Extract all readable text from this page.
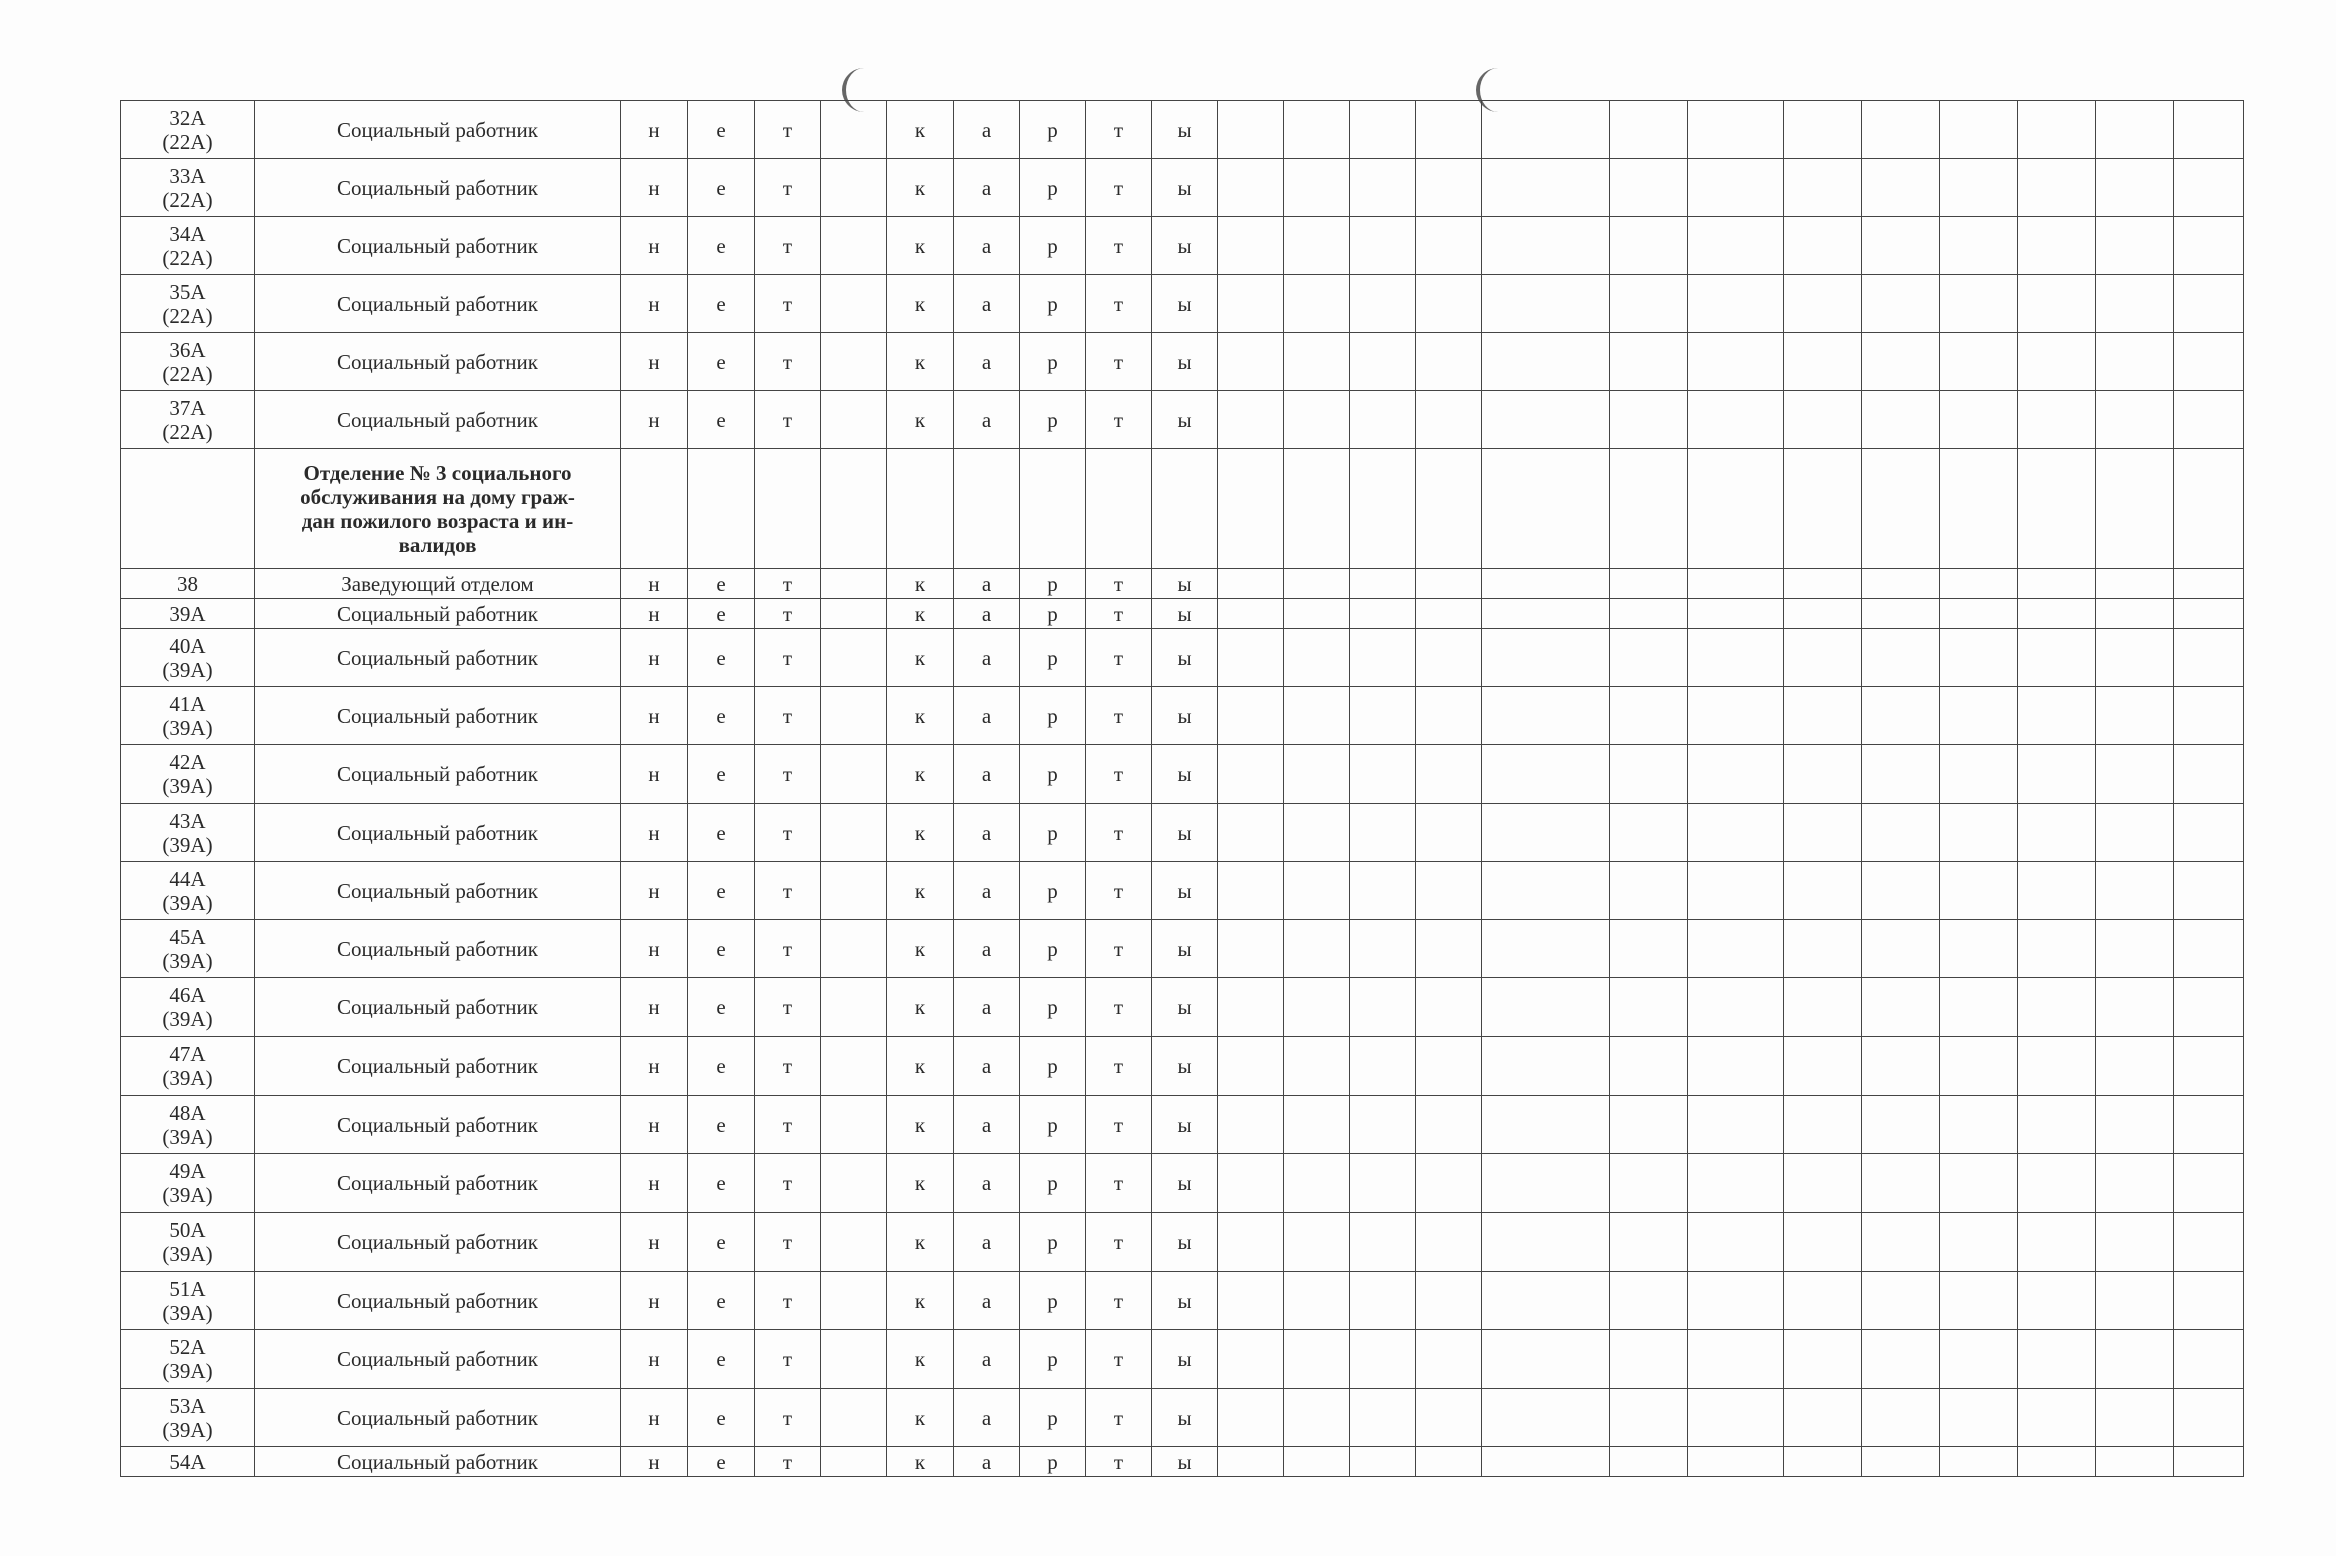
32А
(22А)	Социальный работник	н	е	т		к	а	р	т	ы													
33А
(22А)	Социальный работник	н	е	т		к	а	р	т	ы													
34А
(22А)	Социальный работник	н	е	т		к	а	р	т	ы													
35А
(22А)	Социальный работник	н	е	т		к	а	р	т	ы													
36А
(22А)	Социальный работник	н	е	т		к	а	р	т	ы													
37А
(22А)	Социальный работник	н	е	т		к	а	р	т	ы													
	Отделение № 3 социального
обслуживания на дому граж-
дан пожилого возраста и ин-
валидов																						
38	Заведующий отделом	н	е	т		к	а	р	т	ы													
39А	Социальный работник	н	е	т		к	а	р	т	ы													
40А
(39А)	Социальный работник	н	е	т		к	а	р	т	ы													
41А
(39А)	Социальный работник	н	е	т		к	а	р	т	ы													
42А
(39А)	Социальный работник	н	е	т		к	а	р	т	ы													
43А
(39А)	Социальный работник	н	е	т		к	а	р	т	ы													
44А
(39А)	Социальный работник	н	е	т		к	а	р	т	ы													
45А
(39А)	Социальный работник	н	е	т		к	а	р	т	ы													
46А
(39А)	Социальный работник	н	е	т		к	а	р	т	ы													
47А
(39А)	Социальный работник	н	е	т		к	а	р	т	ы													
48А
(39А)	Социальный работник	н	е	т		к	а	р	т	ы													
49А
(39А)	Социальный работник	н	е	т		к	а	р	т	ы													
50А
(39А)	Социальный работник	н	е	т		к	а	р	т	ы													
51А
(39А)	Социальный работник	н	е	т		к	а	р	т	ы													
52А
(39А)	Социальный работник	н	е	т		к	а	р	т	ы													
53А
(39А)	Социальный работник	н	е	т		к	а	р	т	ы													
54А	Социальный работник	н	е	т		к	а	р	т	ы													
